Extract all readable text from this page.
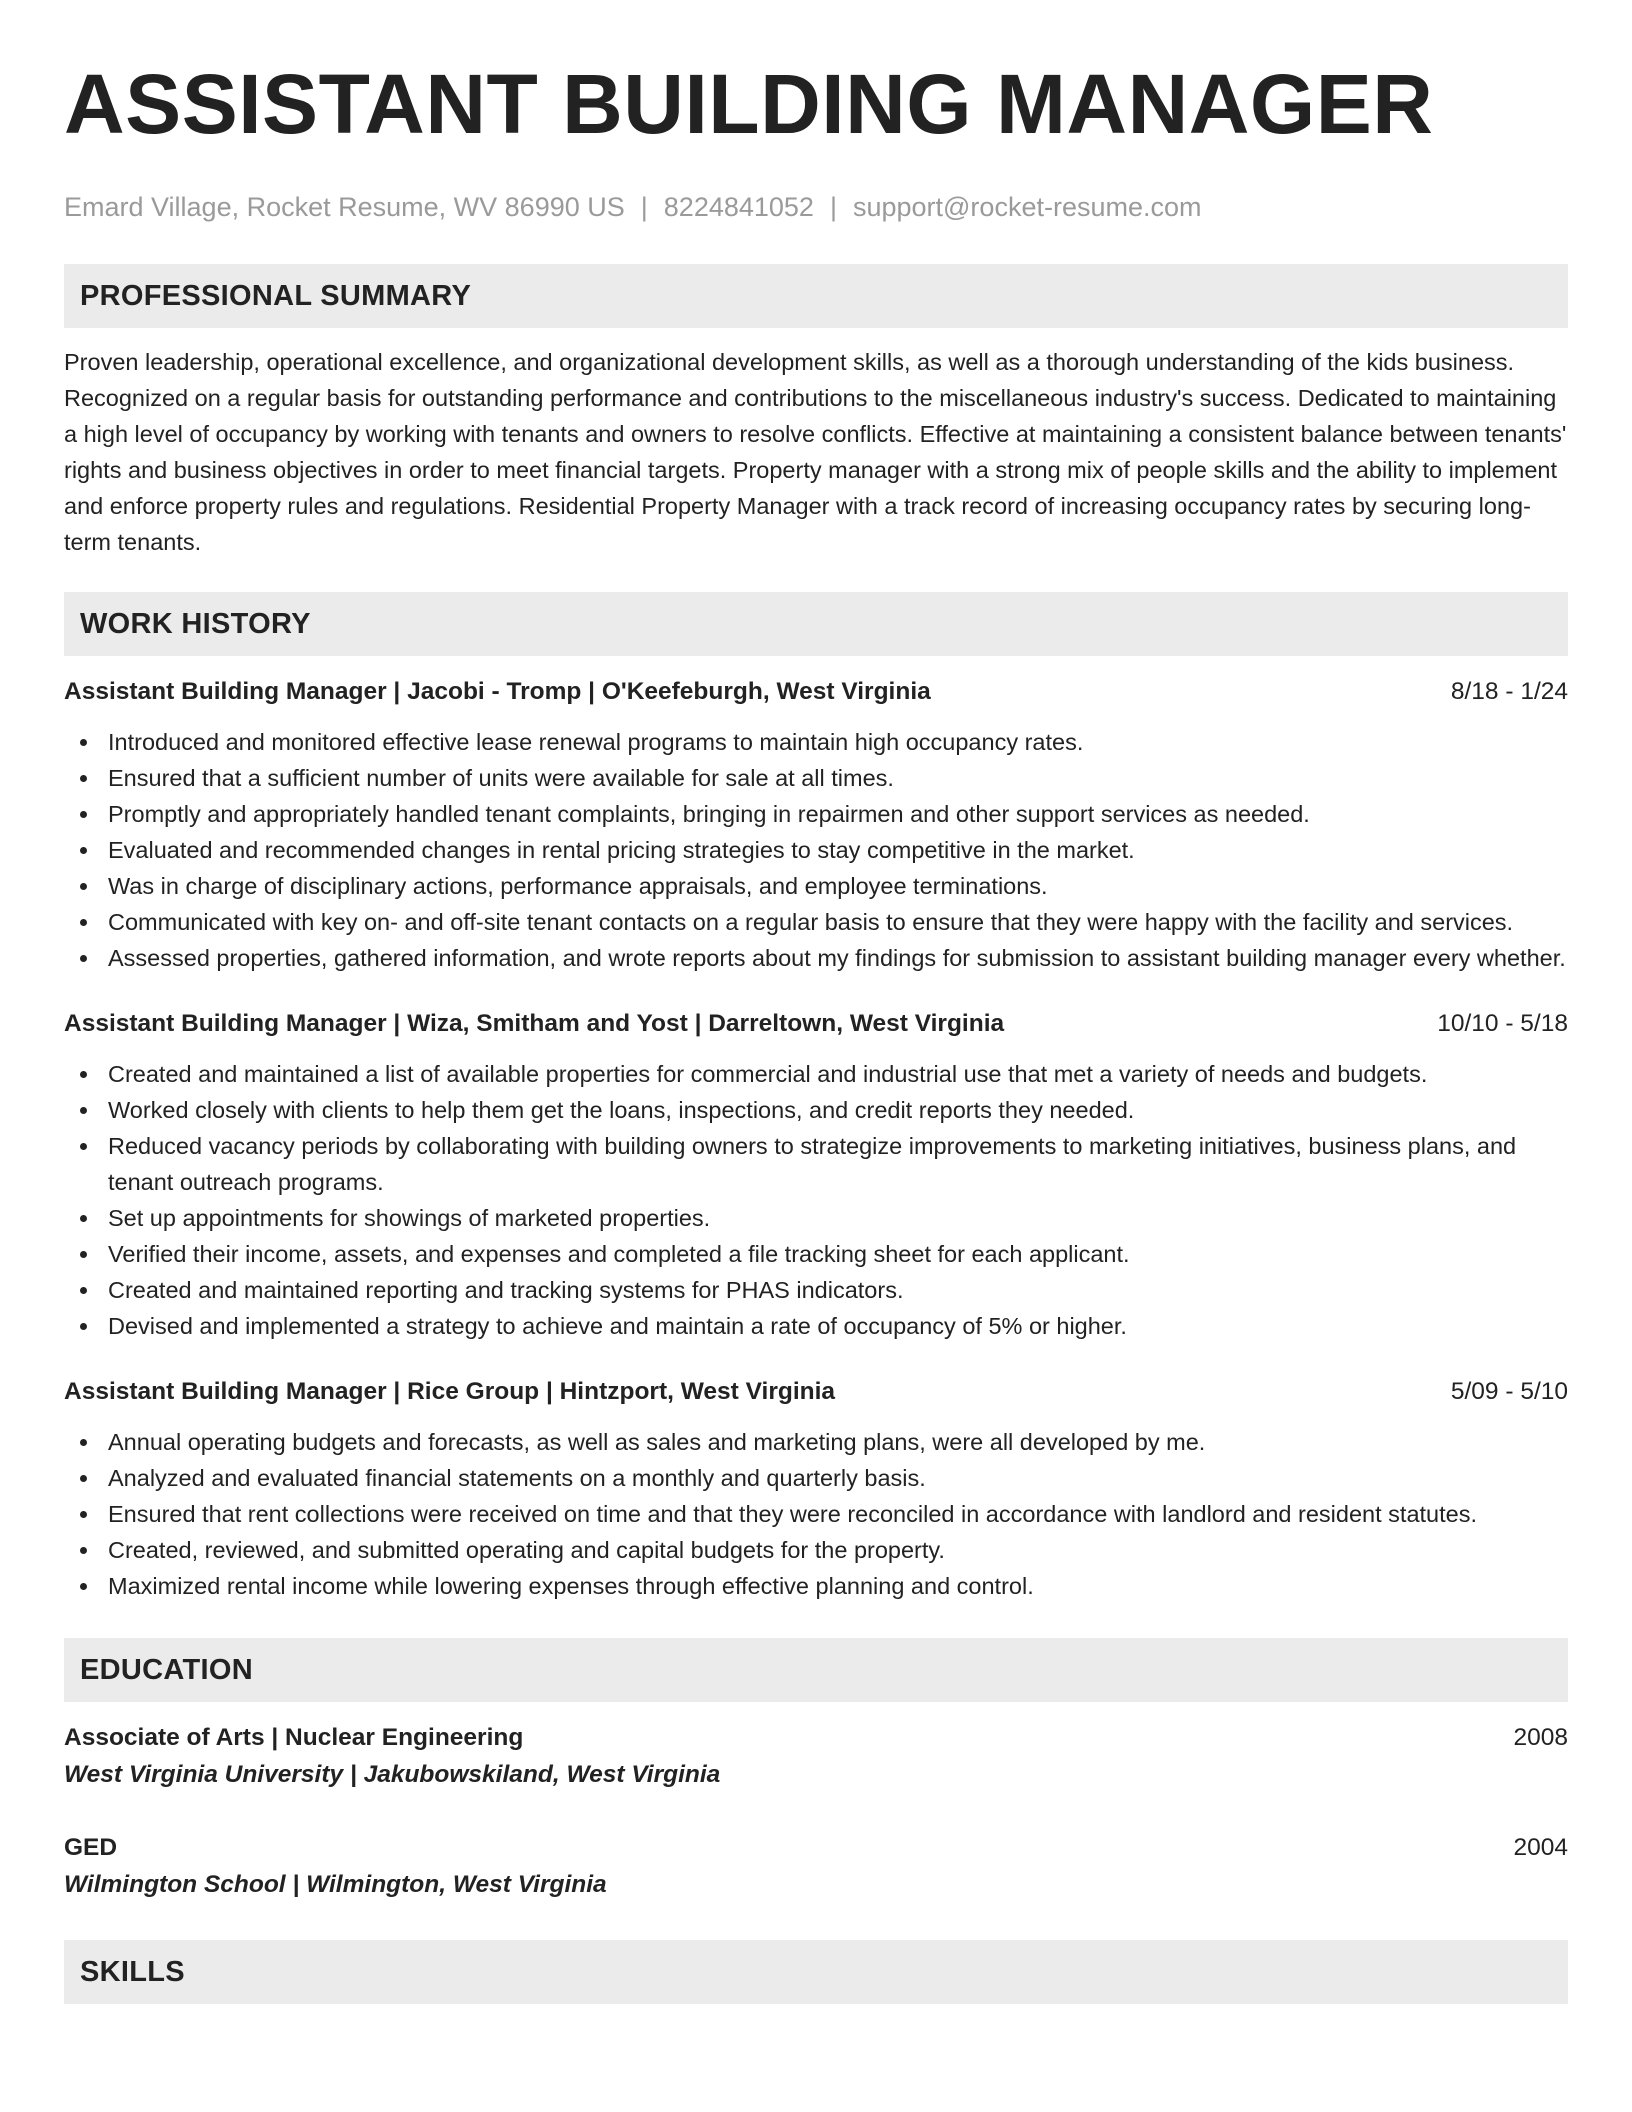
ASSISTANT BUILDING MANAGER
Emard Village, Rocket Resume, WV 86990 US | 8224841052 | support@rocket-resume.com
PROFESSIONAL SUMMARY

Proven leadership, operational excellence, and organizational development skills, as well as a thorough understanding of the kids business. Recognized on a regular basis for outstanding performance and contributions to the miscellaneous industry's success. Dedicated to maintaining a high level of occupancy by working with tenants and owners to resolve conflicts. Effective at maintaining a consistent balance between tenants' rights and business objectives in order to meet financial targets. Property manager with a strong mix of people skills and the ability to implement and enforce property rules and regulations. Residential Property Manager with a track record of increasing occupancy rates by securing long-term tenants.

WORK HISTORY
Assistant Building Manager | Jacobi - Tromp | O'Keefeburgh, West Virginia	8/18 - 1/24
Introduced and monitored effective lease renewal programs to maintain high occupancy rates.
Ensured that a sufficient number of units were available for sale at all times.
Promptly and appropriately handled tenant complaints, bringing in repairmen and other support services as needed.
Evaluated and recommended changes in rental pricing strategies to stay competitive in the market.
Was in charge of disciplinary actions, performance appraisals, and employee terminations.
Communicated with key on- and off-site tenant contacts on a regular basis to ensure that they were happy with the facility and services.
Assessed properties, gathered information, and wrote reports about my findings for submission to assistant building manager every whether.
Assistant Building Manager | Wiza, Smitham and Yost | Darreltown, West Virginia	10/10 - 5/18
Created and maintained a list of available properties for commercial and industrial use that met a variety of needs and budgets.
Worked closely with clients to help them get the loans, inspections, and credit reports they needed.
Reduced vacancy periods by collaborating with building owners to strategize improvements to marketing initiatives, business plans, and tenant outreach programs.
Set up appointments for showings of marketed properties.
Verified their income, assets, and expenses and completed a file tracking sheet for each applicant.
Created and maintained reporting and tracking systems for PHAS indicators.
Devised and implemented a strategy to achieve and maintain a rate of occupancy of 5% or higher.
Assistant Building Manager | Rice Group | Hintzport, West Virginia	5/09 - 5/10
Annual operating budgets and forecasts, as well as sales and marketing plans, were all developed by me.
Analyzed and evaluated financial statements on a monthly and quarterly basis.
Ensured that rent collections were received on time and that they were reconciled in accordance with landlord and resident statutes.
Created, reviewed, and submitted operating and capital budgets for the property.
Maximized rental income while lowering expenses through effective planning and control.
EDUCATION
Associate of Arts | Nuclear Engineering	2008
West Virginia University | Jakubowskiland, West Virginia
GED	2004
Wilmington School | Wilmington, West Virginia
SKILLS
